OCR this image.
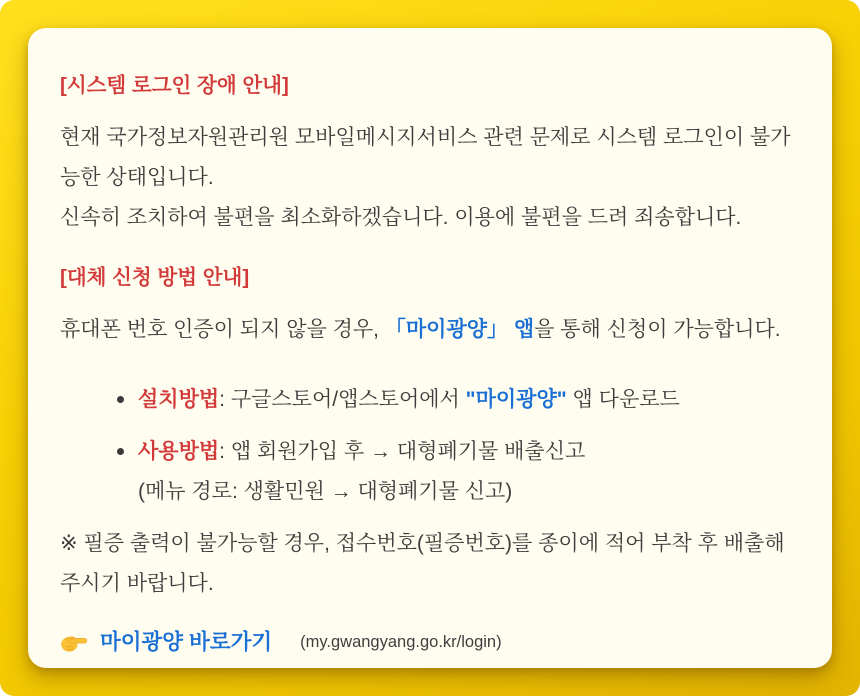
[시스템 로그인 장애 안내]

현재 국가정보자원관리원 모바일메시지서비스 관련 문제로 시스템 로그인이 불가능한 상태입니다.

신속히 조치하여 불편을 최소화하겠습니다. 이용에 불편을 드려 죄송합니다.

[대체 신청 방법 안내]

휴대폰 번호 인증이 되지 않을 경우, 「마이광양」 앱을 통해 신청이 가능합니다.

설치방법: 구글스토어/앱스토어에서 "마이광양" 앱 다운로드
사용방법: 앱 회원가입 후 → 대형폐기물 배출신고
(메뉴 경로: 생활민원 → 대형폐기물 신고)

※ 필증 출력이 불가능할 경우, 접수번호(필증번호)를 종이에 적어 부착 후 배출해 주시기 바랍니다.

마이광양 바로가기 (my.gwangyang.go.kr/login)
